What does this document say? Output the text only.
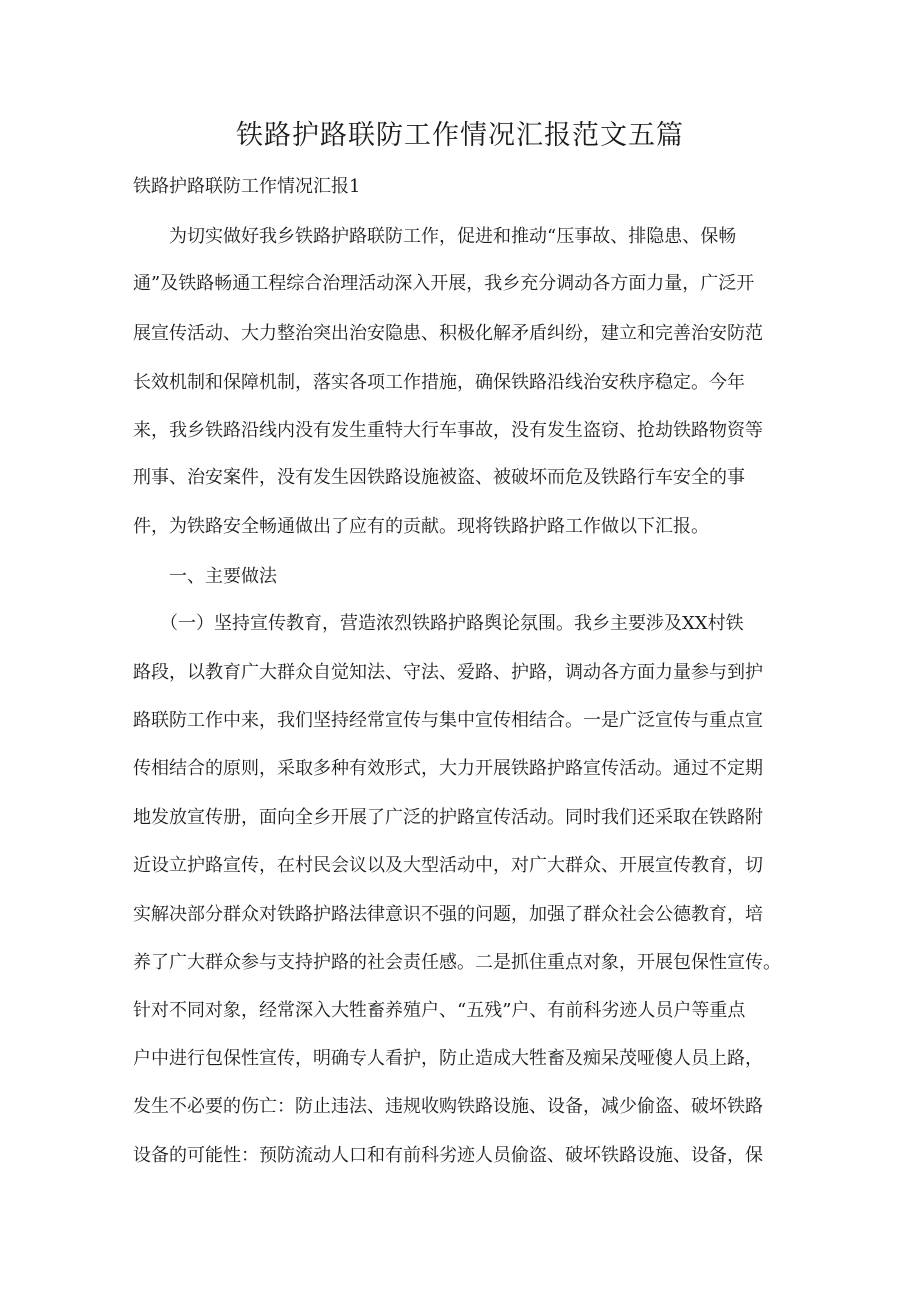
铁路护路联防工作情况汇报范文五篇
铁路护路联防工作情况汇报1
　　为切实做好我乡铁路护路联防工作，促进和推动“压事故、排隐患、保畅
通”及铁路畅通工程综合治理活动深入开展，我乡充分调动各方面力量，广泛开
展宣传活动、大力整治突出治安隐患、积极化解矛盾纠纷，建立和完善治安防范
长效机制和保障机制，落实各项工作措施，确保铁路沿线治安秩序稳定。今年
来，我乡铁路沿线内没有发生重特大行车事故，没有发生盗窃、抢劫铁路物资等
刑事、治安案件，没有发生因铁路设施被盗、被破坏而危及铁路行车安全的事
件，为铁路安全畅通做出了应有的贡献。现将铁路护路工作做以下汇报。
　　一、主要做法
　　（一）坚持宣传教育，营造浓烈铁路护路舆论氛围。我乡主要涉及XX村铁
路段，以教育广大群众自觉知法、守法、爱路、护路，调动各方面力量参与到护
路联防工作中来，我们坚持经常宣传与集中宣传相结合。一是广泛宣传与重点宣
传相结合的原则，采取多种有效形式，大力开展铁路护路宣传活动。通过不定期
地发放宣传册，面向全乡开展了广泛的护路宣传活动。同时我们还采取在铁路附
近设立护路宣传，在村民会议以及大型活动中，对广大群众、开展宣传教育，切
实解决部分群众对铁路护路法律意识不强的问题，加强了群众社会公德教育，培
养了广大群众参与支持护路的社会责任感。二是抓住重点对象，开展包保性宣传。
针对不同对象，经常深入大牲畜养殖户、“五残”户、有前科劣迹人员户等重点
户中进行包保性宣传，明确专人看护，防止造成大牲畜及痴呆茂哑傻人员上路，
发生不必要的伤亡：防止违法、违规收购铁路设施、设备，减少偷盗、破坏铁路
设备的可能性：预防流动人口和有前科劣迹人员偷盗、破坏铁路设施、设备，保
